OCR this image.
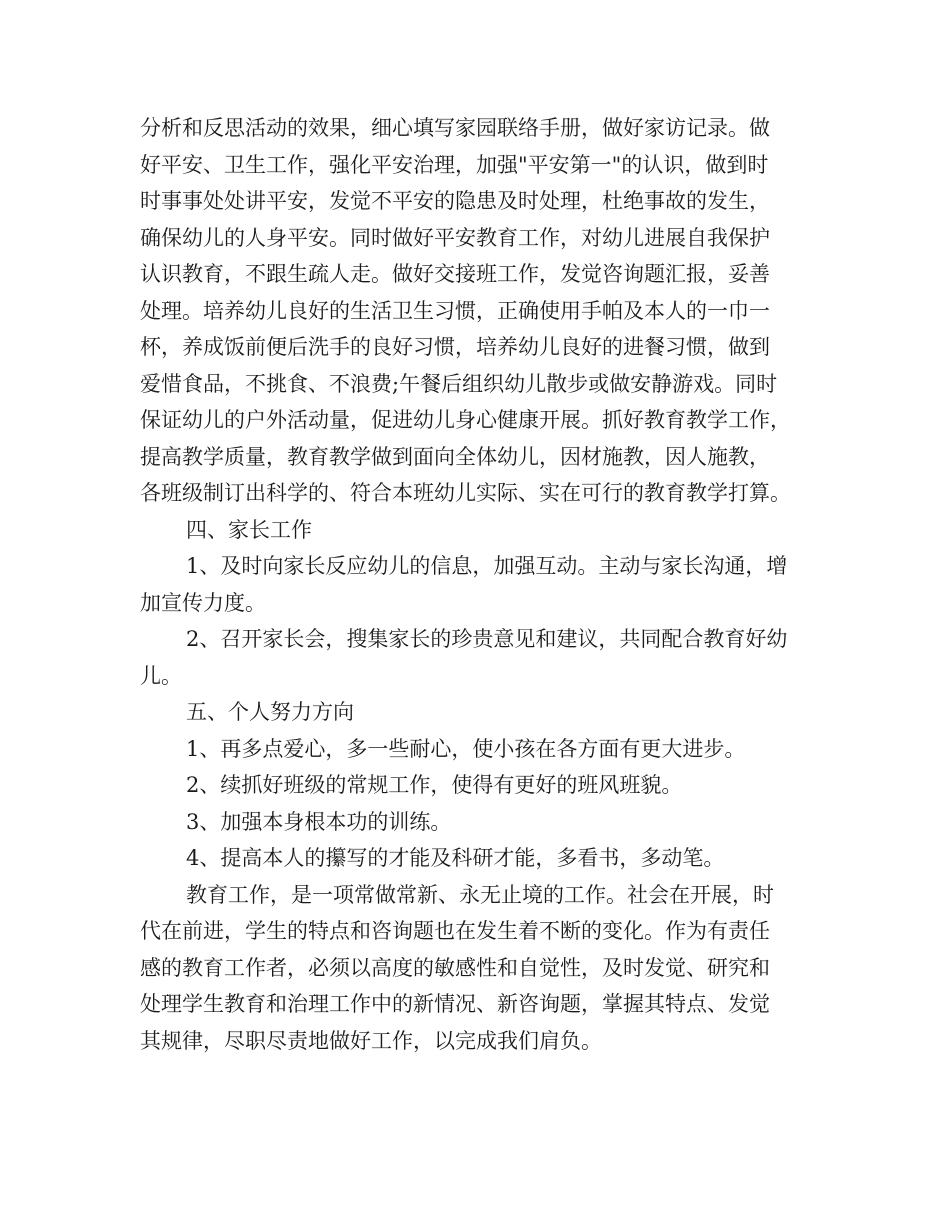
分析和反思活动的效果，细心填写家园联络手册，做好家访记录。做
好平安、卫生工作，强化平安治理，加强"平安第一"的认识，做到时
时事事处处讲平安，发觉不平安的隐患及时处理，杜绝事故的发生，
确保幼儿的人身平安。同时做好平安教育工作，对幼儿进展自我保护
认识教育，不跟生疏人走。做好交接班工作，发觉咨询题汇报，妥善
处理。培养幼儿良好的生活卫生习惯，正确使用手帕及本人的一巾一
杯，养成饭前便后洗手的良好习惯，培养幼儿良好的进餐习惯，做到
爱惜食品，不挑食、不浪费;午餐后组织幼儿散步或做安静游戏。同时
保证幼儿的户外活动量，促进幼儿身心健康开展。抓好教育教学工作，
提高教学质量，教育教学做到面向全体幼儿，因材施教，因人施教，
各班级制订出科学的、符合本班幼儿实际、实在可行的教育教学打算。
四、家长工作
1、及时向家长反应幼儿的信息，加强互动。主动与家长沟通，增
加宣传力度。
2、召开家长会，搜集家长的珍贵意见和建议，共同配合教育好幼
儿。
五、个人努力方向
1、再多点爱心，多一些耐心，使小孩在各方面有更大进步。
2、续抓好班级的常规工作，使得有更好的班风班貌。
3、加强本身根本功的训练。
4、提高本人的攥写的才能及科研才能，多看书，多动笔。
教育工作，是一项常做常新、永无止境的工作。社会在开展，时
代在前进，学生的特点和咨询题也在发生着不断的变化。作为有责任
感的教育工作者，必须以高度的敏感性和自觉性，及时发觉、研究和
处理学生教育和治理工作中的新情况、新咨询题，掌握其特点、发觉
其规律，尽职尽责地做好工作，以完成我们肩负。
